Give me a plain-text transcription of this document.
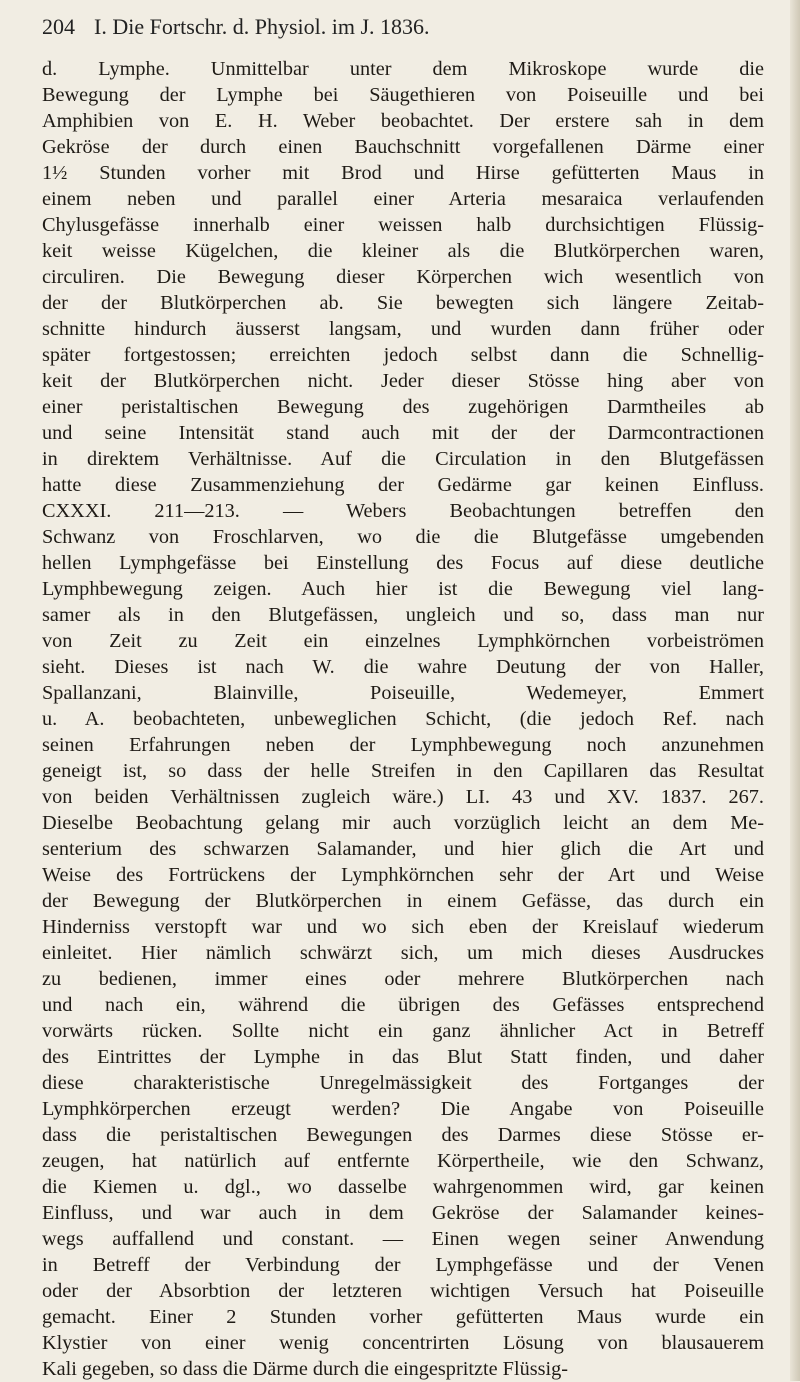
204 I. Die Fortschr. d. Physiol. im J. 1836.
d. Lymphe. Unmittelbar unter dem Mikroskope wurde die
Bewegung der Lymphe bei Säugethieren von Poiseuille und bei
Amphibien von E. H. Weber beobachtet. Der erstere sah in dem
Gekröse der durch einen Bauchschnitt vorgefallenen Därme einer
1½ Stunden vorher mit Brod und Hirse gefütterten Maus in
einem neben und parallel einer Arteria mesaraica verlaufenden
Chylusgefässe innerhalb einer weissen halb durchsichtigen Flüssig-
keit weisse Kügelchen, die kleiner als die Blutkörperchen waren,
circuliren. Die Bewegung dieser Körperchen wich wesentlich von
der der Blutkörperchen ab. Sie bewegten sich längere Zeitab-
schnitte hindurch äusserst langsam, und wurden dann früher oder
später fortgestossen; erreichten jedoch selbst dann die Schnellig-
keit der Blutkörperchen nicht. Jeder dieser Stösse hing aber von
einer peristaltischen Bewegung des zugehörigen Darmtheiles ab
und seine Intensität stand auch mit der der Darmcontractionen
in direktem Verhältnisse. Auf die Circulation in den Blutgefässen
hatte diese Zusammenziehung der Gedärme gar keinen Einfluss.
CXXXI. 211—213. — Webers Beobachtungen betreffen den
Schwanz von Froschlarven, wo die die Blutgefässe umgebenden
hellen Lymphgefässe bei Einstellung des Focus auf diese deutliche
Lymphbewegung zeigen. Auch hier ist die Bewegung viel lang-
samer als in den Blutgefässen, ungleich und so, dass man nur
von Zeit zu Zeit ein einzelnes Lymphkörnchen vorbeiströmen
sieht. Dieses ist nach W. die wahre Deutung der von Haller,
Spallanzani, Blainville, Poiseuille, Wedemeyer, Emmert
u. A. beobachteten, unbeweglichen Schicht, (die jedoch Ref. nach
seinen Erfahrungen neben der Lymphbewegung noch anzunehmen
geneigt ist, so dass der helle Streifen in den Capillaren das Resultat
von beiden Verhältnissen zugleich wäre.) LI. 43 und XV. 1837. 267.
Dieselbe Beobachtung gelang mir auch vorzüglich leicht an dem Me-
senterium des schwarzen Salamander, und hier glich die Art und
Weise des Fortrückens der Lymphkörnchen sehr der Art und Weise
der Bewegung der Blutkörperchen in einem Gefässe, das durch ein
Hinderniss verstopft war und wo sich eben der Kreislauf wiederum
einleitet. Hier nämlich schwärzt sich, um mich dieses Ausdruckes
zu bedienen, immer eines oder mehrere Blutkörperchen nach
und nach ein, während die übrigen des Gefässes entsprechend
vorwärts rücken. Sollte nicht ein ganz ähnlicher Act in Betreff
des Eintrittes der Lymphe in das Blut Statt finden, und daher
diese charakteristische Unregelmässigkeit des Fortganges der
Lymphkörperchen erzeugt werden? Die Angabe von Poiseuille
dass die peristaltischen Bewegungen des Darmes diese Stösse er-
zeugen, hat natürlich auf entfernte Körpertheile, wie den Schwanz,
die Kiemen u. dgl., wo dasselbe wahrgenommen wird, gar keinen
Einfluss, und war auch in dem Gekröse der Salamander keines-
wegs auffallend und constant. — Einen wegen seiner Anwendung
in Betreff der Verbindung der Lymphgefässe und der Venen
oder der Absorbtion der letzteren wichtigen Versuch hat Poiseuille
gemacht. Einer 2 Stunden vorher gefütterten Maus wurde ein
Klystier von einer wenig concentrirten Lösung von blausauerem
Kali gegeben, so dass die Därme durch die eingespritzte Flüssig-
